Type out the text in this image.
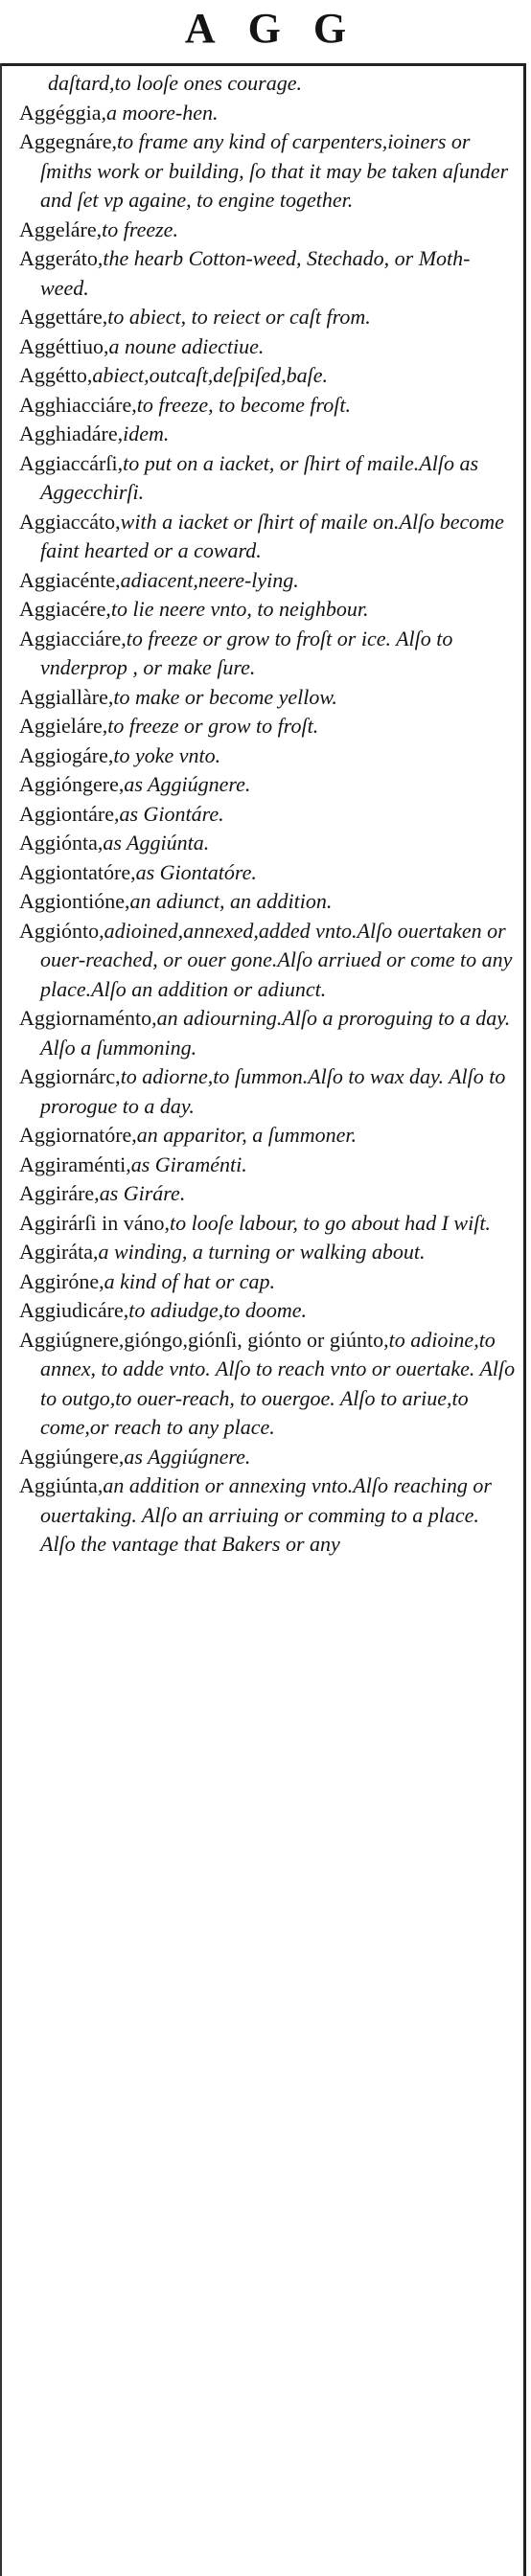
AGG

daſtard,to looſe ones courage.

Aggéggia,a moore-hen.

Aggegnáre,to frame any kind of carpenters,ioiners or ſmiths work or building, ſo that it may be taken aſunder and ſet vp againe, to engine together.

Aggeláre,to freeze.

Aggeráto,the hearb Cotton-weed, Stechado, or Moth-weed.

Aggettáre,to abiect, to reiect or caſt from.

Aggéttiuo,a noune adiectiue.

Aggétto,abiect,outcaſt,deſpiſed,baſe.

Agghiacciáre,to freeze, to become froſt.

Agghiadáre,idem.

Aggiaccárſi,to put on a iacket, or ſhirt of maile.Alſo as Aggecchirſi.

Aggiaccáto,with a iacket or ſhirt of maile on.Alſo become faint hearted or a coward.

Aggiacénte,adiacent,neere-lying.

Aggiacére,to lie neere vnto, to neighbour.

Aggiacciáre,to freeze or grow to froſt or ice. Alſo to vnderprop , or make ſure.

Aggiallàre,to make or become yellow.

Aggieláre,to freeze or grow to froſt.

Aggiogáre,to yoke vnto.

Aggióngere,as Aggiúgnere.

Aggiontáre,as Giontáre.

Aggiónta,as Aggiúnta.

Aggiontatóre,as Giontatóre.

Aggiontióne,an adiunct, an addition.

Aggiónto,adioined,annexed,added vnto.Alſo ouertaken or ouer-reached, or ouer gone.Alſo arriued or come to any place.Alſo an addition or adiunct.

Aggiornaménto,an adiourning.Alſo a proroguing to a day. Alſo a ſummoning.

Aggiornárc,to adiorne,to ſummon.Alſo to wax day. Alſo to prorogue to a day.

Aggiornatóre,an apparitor, a ſummoner.

Aggiraménti,as Giraménti.

Aggiráre,as Giráre.

Aggirárſi in váno,to looſe labour, to go about had I wiſt.

Aggiráta,a winding, a turning or walking about.

Aggiróne,a kind of hat or cap.

Aggiudicáre,to adiudge,to doome.

Aggiúgnere,gióngo,giónſi, giónto or giúnto,to adioine,to annex, to adde vnto. Alſo to reach vnto or ouertake. Alſo to outgo,to ouer-reach, to ouergoe. Alſo to ariue,to come,or reach to any place.

Aggiúngere,as Aggiúgnere.

Aggiúnta,an addition or annexing vnto.Alſo reaching or ouertaking. Alſo an arriuing or comming to a place. Alſo the vantage that Bakers or any
